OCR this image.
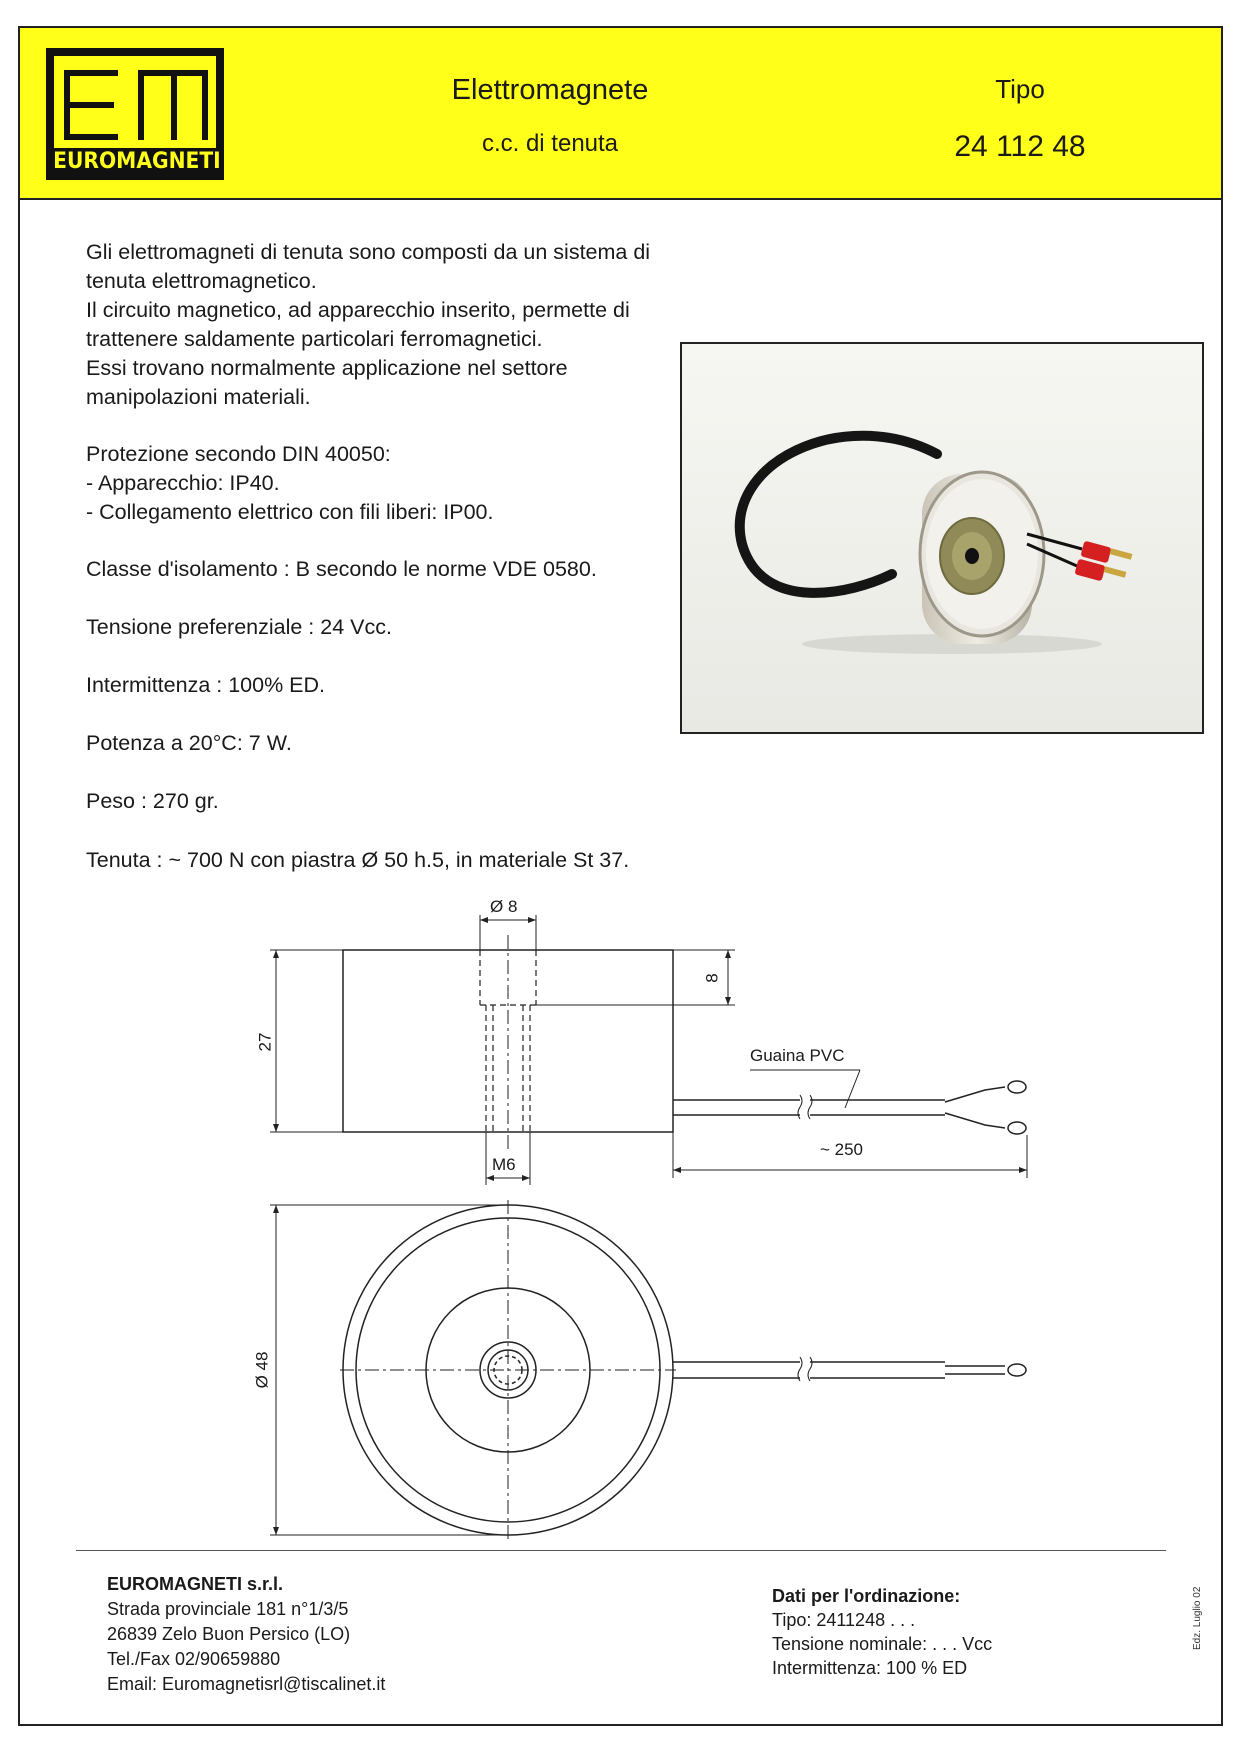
EUROMAGNETI
Elettromagnete
c.c. di tenuta
Tipo
24 112 48

Gli elettromagneti di tenuta sono composti da un sistema di

tenuta elettromagnetico.

Il circuito magnetico, ad apparecchio inserito, permette di

trattenere saldamente particolari ferromagnetici.

Essi trovano normalmente applicazione nel settore

manipolazioni materiali.

Protezione secondo DIN 40050:
- Apparecchio: IP40.
- Collegamento elettrico con fili liberi: IP00.
Classe d'isolamento : B secondo le norme VDE 0580.
Tensione preferenziale : 24 Vcc.
Intermittenza : 100% ED.
Potenza a 20°C: 7 W.
Peso : 270 gr.
Tenuta : ~ 700 N con piastra Ø 50 h.5, in materiale St 37.
Ø 8
8
27
M6
~ 250
Guaina PVC
Ø 48
EUROMAGNETI s.r.l.
Strada provinciale 181 n°1/3/5
26839 Zelo Buon Persico (LO)
Tel./Fax 02/90659880
Email: Euromagnetisrl@tiscalinet.it
Dati per l'ordinazione:
Tipo: 2411248 . . .
Tensione nominale: . . . Vcc
Intermittenza: 100 % ED
Edz. Luglio 02
